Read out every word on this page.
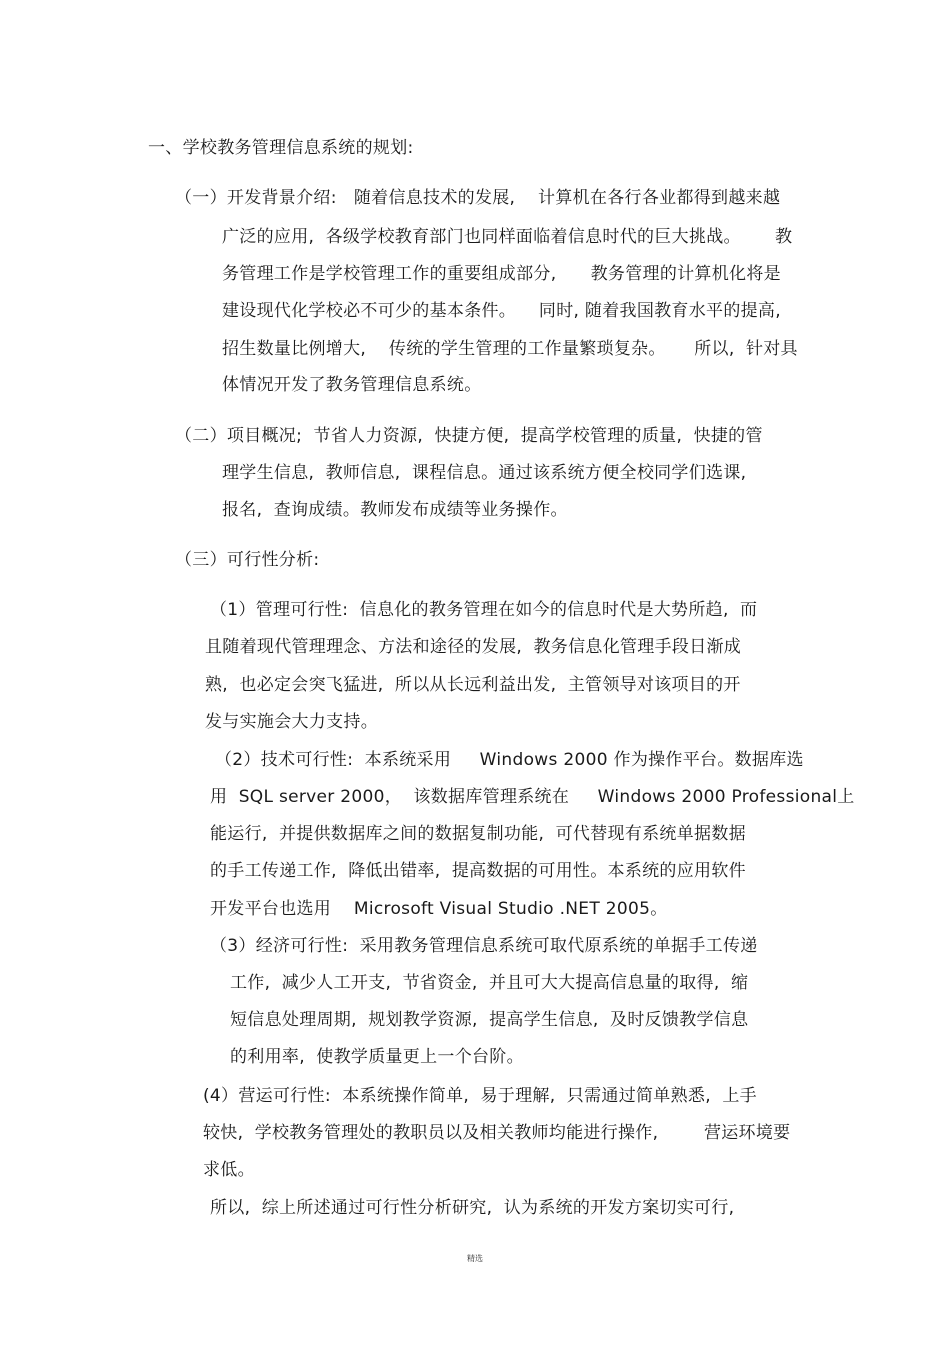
一、学校教务管理信息系统的规划:
（一）开发背景介绍:   随着信息技术的发展,    计算机在各行各业都得到越来越
广泛的应用,  各级学校教育部门也同样面临着信息时代的巨大挑战。      教
务管理工作是学校管理工作的重要组成部分,      教务管理的计算机化将是
建设现代化学校必不可少的基本条件。    同时, 随着我国教育水平的提高,
招生数量比例增大,    传统的学生管理的工作量繁琐复杂。     所以,  针对具
体情况开发了教务管理信息系统。
（二）项目概况;  节省人力资源,  快捷方便,  提高学校管理的质量,  快捷的管
理学生信息,  教师信息,  课程信息。通过该系统方便全校同学们选课,
报名,  查询成绩。教师发布成绩等业务操作。
（三）可行性分析:
（1）管理可行性:  信息化的教务管理在如今的信息时代是大势所趋,  而
且随着现代管理理念、方法和途径的发展,  教务信息化管理手段日渐成
熟,  也必定会突飞猛进,  所以从长远利益出发,  主管领导对该项目的开
发与实施会大力支持。
（2）技术可行性:  本系统采用     Windows 2000 作为操作平台。数据库选
用  SQL server 2000，  该数据库管理系统在     Windows 2000 Professional上
能运行,  并提供数据库之间的数据复制功能,  可代替现有系统单据数据
的手工传递工作,  降低出错率,  提高数据的可用性。本系统的应用软件
开发平台也选用    Microsoft Visual Studio .NET 2005。
（3）经济可行性:  采用教务管理信息系统可取代原系统的单据手工传递
工作,  减少人工开支,  节省资金,  并且可大大提高信息量的取得,  缩
短信息处理周期,  规划教学资源,  提高学生信息,  及时反馈教学信息
的利用率,  使教学质量更上一个台阶。
(4）营运可行性:  本系统操作简单,  易于理解,  只需通过简单熟悉,  上手
较快,  学校教务管理处的教职员以及相关教师均能进行操作,        营运环境要
求低。
所以,  综上所述通过可行性分析研究,  认为系统的开发方案切实可行,
精选
